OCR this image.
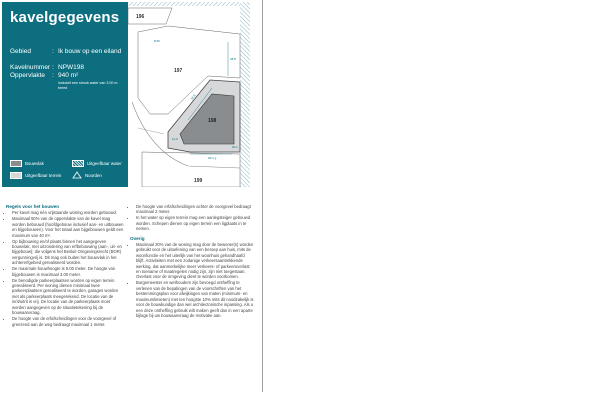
kavelgegevens
Gebied	: Ik bouw op een eiland
Kavelnummer : NPW198
Oppervlakte	: 940 m²
inclusief een strook water van 3.00 m. breed
Bouwvlak	Uitgeefbaar water
Uitgeefbaar terrein	Noorden
196
197
198
199
16.8
28.8
12.6
20.1 g
8.66
20.1
Regels voor het bouwen
• Per kavel mag één vrijstaande woning worden gebouwd.
• Maximaal 50% van de oppervlakte van de kavel mag worden bebouwd (hoofdgebouw inclusief aan- en uitbouwen en bijgebouwen). Voor het totaal aan bijgebouwen geldt een maximum van 40 m².
• Op bijbouwing en/of plaats binnen het aangegeven bouwvlak, met uitzondering van erfbebouwing (aan-, uit- en bijgebouw); die volgens het Besluit Omgevingsrecht (BOR) vergunningvrij is. Dit mag ook buiten het bouwvlak in het achtererfgebied gerealiseerd worden.
• De maximale bouwhoogte is 9.00 meter. De hoogte van bijgebouwen is maximaal 3.00 meter.
• De benodigde parkeerplaatsen worden op eigen terrein gerealiseerd. Per woning dienen minimaal twee parkeerplaatsen gerealiseerd te worden, garages worden niet als parkeerplaats meegerekend. De locatie van de inrit/uitrit is vrij. De locatie van de parkeerplaats moet worden aangegeven op de situatietekening bij de bouwaanvraag.
• De hoogte van de erfafscheidingen voor de voorgevel of grenzend aan de weg bedraagt maximaal 1 meter.
• De hoogte van erfafscheidingen achter de voorgevel bedraagt maximaal 2 meter.
• In het water op eigen terrein mag een aanlegsteiger gebouwd worden. Schepen dienen op eigen terrein een ligplaats in te nemen.
Overig
• Maximaal 20% van de woning mag door de bewoner(s) worden gebruikt voor de uitoefening van een beroep aan huis, mits de woonfunctie en het uiterlijk van het woonhuis gehandhaafd blijft. Activiteiten met een zodanige verkeersaantrekkende werking, dat aanmerkelijke meer verkeers- of parkeeroverlast en toename of maatregelen nodig zijn, zijn niet toegestaan. Overlast voor de omgeving dient te worden voorkomen.
• Burgemeester en wethouders zijn bevoegd ontheffing te verlenen van de bepalingen van de voorschriften van het bestemmingsplan voor afwijkingen van maten (minimum- en maximumlimieten) met ten hoogste 10% mits dit noodzakelijk is voor de bouwkundige dan wel architectonische inpassing. Als u een deze ontheffing gebruik wilt maken geeft dan in een aparte bijlage bij uw bouwaanvraag de motivatie aan.
